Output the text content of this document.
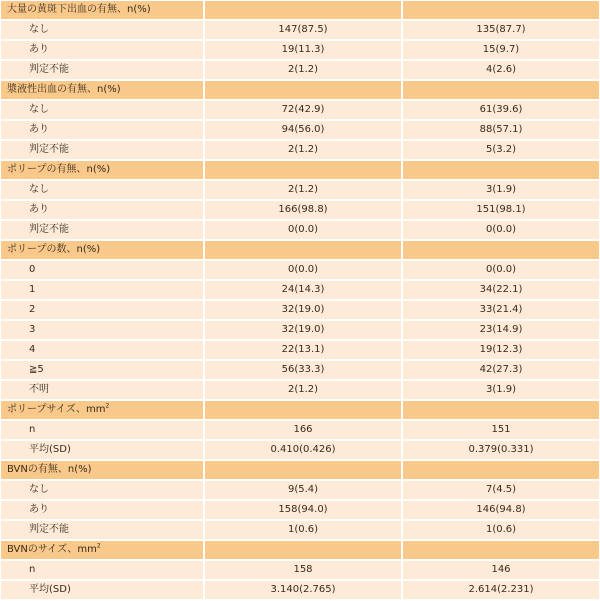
大量の黄斑下出血の有無、n(%)		
なし	147(87.5)	135(87.7)
あり	19(11.3)	15(9.7)
判定不能	2(1.2)	4(2.6)
漿液性出血の有無、n(%)		
なし	72(42.9)	61(39.6)
あり	94(56.0)	88(57.1)
判定不能	2(1.2)	5(3.2)
ポリープの有無、n(%)		
なし	2(1.2)	3(1.9)
あり	166(98.8)	151(98.1)
判定不能	0(0.0)	0(0.0)
ポリープの数、n(%)		
0	0(0.0)	0(0.0)
1	24(14.3)	34(22.1)
2	32(19.0)	33(21.4)
3	32(19.0)	23(14.9)
4	22(13.1)	19(12.3)
≧5	56(33.3)	42(27.3)
不明	2(1.2)	3(1.9)
ポリープサイズ、$mm^2$		
n	166	151
平均(SD)	0.410(0.426)	0.379(0.331)
BVNの有無、n(%)		
なし	9(5.4)	7(4.5)
あり	158(94.0)	146(94.8)
判定不能	1(0.6)	1(0.6)
BVNのサイズ、$mm^2$		
n	158	146
平均(SD)	3.140(2.765)	2.614(2.231)
